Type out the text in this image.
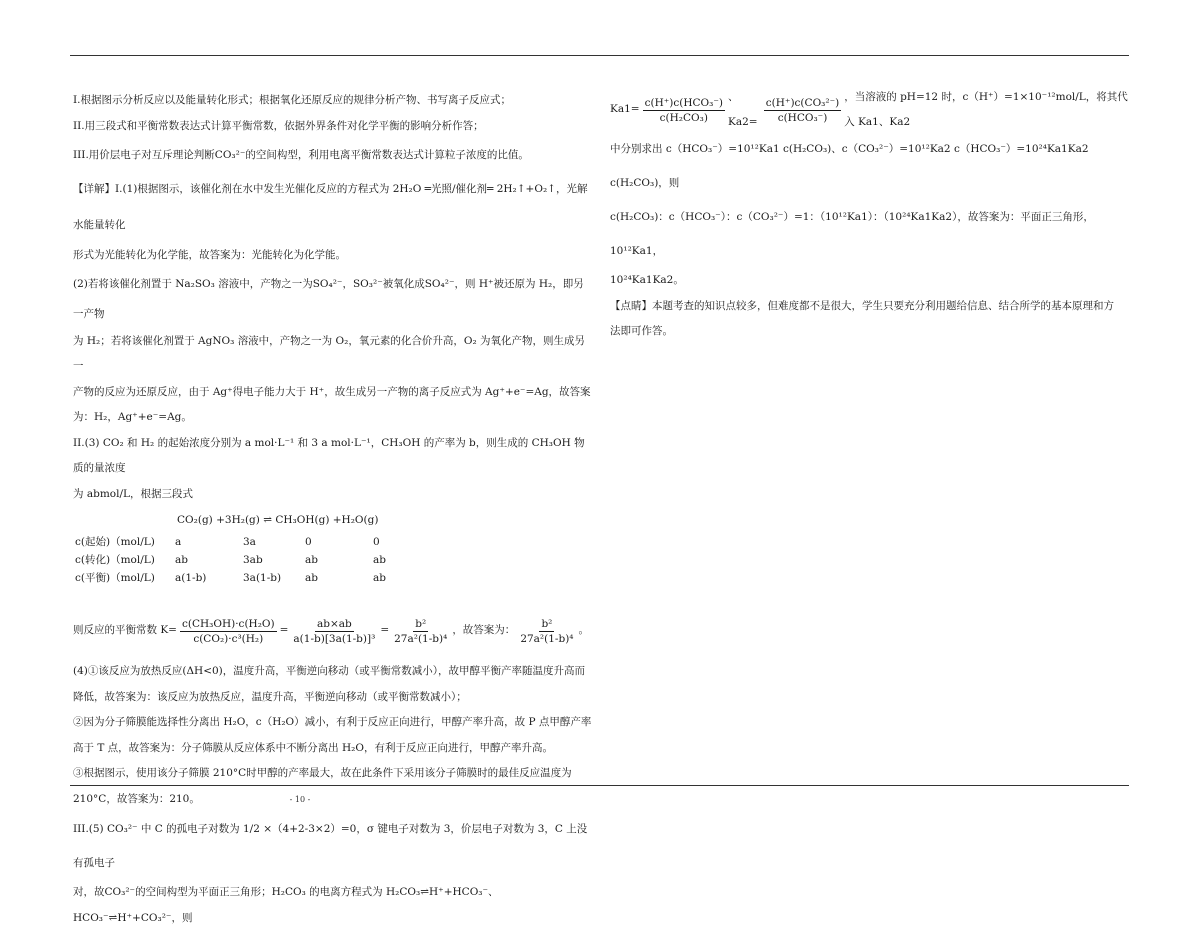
I.根据图示分析反应以及能量转化形式；根据氧化还原反应的规律分析产物、书写离子反应式；

II.用三段式和平衡常数表达式计算平衡常数，依据外界条件对化学平衡的影响分析作答；

III.用价层电子对互斥理论判断CO₃²⁻的空间构型，利用电离平衡常数表达式计算粒子浓度的比值。

【详解】I.(1)根据图示，该催化剂在水中发生光催化反应的方程式为 2H₂O ═光照/催化剂═ 2H₂↑+O₂↑，光解水能量转化

形式为光能转化为化学能，故答案为：光能转化为化学能。

(2)若将该催化剂置于 Na₂SO₃ 溶液中，产物之一为SO₄²⁻，SO₃²⁻被氧化成SO₄²⁻，则 H⁺被还原为 H₂，即另一产物

为 H₂；若将该催化剂置于 AgNO₃ 溶液中，产物之一为 O₂，氧元素的化合价升高，O₂ 为氧化产物，则生成另一

产物的反应为还原反应，由于 Ag⁺得电子能力大于 H⁺，故生成另一产物的离子反应式为 Ag⁺+e⁻=Ag，故答案

为：H₂，Ag⁺+e⁻=Ag。

II.(3) CO₂ 和 H₂ 的起始浓度分别为 a mol·L⁻¹ 和 3 a mol·L⁻¹，CH₃OH 的产率为 b，则生成的 CH₃OH 物质的量浓度

为 abmol/L，根据三段式

CO₂(g) +3H₂(g) ⇌ CH₃OH(g) +H₂O(g)
c(起始)（mol/L)	a	3a	0	0
c(转化)（mol/L)	ab	3ab	ab	ab
c(平衡)（mol/L)	a(1-b)	3a(1-b)	ab	ab
则反应的平衡常数 $K= \frac{\text{c(CH₃OH)·c(H₂O)}}{\text{c(CO₂)·c³(H₂)}} = \frac{ab\times ab}{\text{a(1-b)[3a(1-b)]³}} = \frac{\text{b²}}{\text{27a²(1-b)⁴}}$ ，故答案为： $\frac{\text{b²}}{\text{27a²(1-b)⁴}}$ 。

(4)①该反应为放热反应(ΔH<0)，温度升高，平衡逆向移动（或平衡常数减小），故甲醇平衡产率随温度升高而

降低，故答案为：该反应为放热反应，温度升高，平衡逆向移动（或平衡常数减小）；

②因为分子筛膜能选择性分离出 H₂O，c（H₂O）减小，有利于反应正向进行，甲醇产率升高，故 P 点甲醇产率

高于 T 点，故答案为：分子筛膜从反应体系中不断分离出 H₂O，有利于反应正向进行，甲醇产率升高。

③根据图示，使用该分子筛膜 210°C时甲醇的产率最大，故在此条件下采用该分子筛膜时的最佳反应温度为

210°C，故答案为：210。

III.(5) CO₃²⁻ 中 C 的孤电子对数为 1/2 ×（4+2-3×2）=0，σ 键电子对数为 3，价层电子对数为 3，C 上没有孤电子

对，故CO₃²⁻的空间构型为平面正三角形；H₂CO₃ 的电离方程式为 H₂CO₃⇌H⁺+HCO₃⁻、HCO₃⁻⇌H⁺+CO₃²⁻，则

$Ka1= \frac{\text{c(H⁺)c(HCO₃⁻)}}{\text{c(H₂CO₃)}}$ 、$Ka2= \frac{\text{c(H⁺)c(CO₃²⁻)}}{\text{c(HCO₃⁻)}}$ ，当溶液的 pH=12 时，c（H⁺）=1×10⁻¹²mol/L，将其代入 Ka1、Ka2

中分别求出 c（HCO₃⁻）=10¹²Ka1 c(H₂CO₃)、c（CO₃²⁻）=10¹²Ka2 c（HCO₃⁻）=10²⁴Ka1Ka2 c(H₂CO₃)，则

c(H₂CO₃)：c（HCO₃⁻）：c（CO₃²⁻）=1：（10¹²Ka1）：（10²⁴Ka1Ka2），故答案为：平面正三角形，10¹²Ka1，

10²⁴Ka1Ka2。

【点睛】本题考查的知识点较多，但难度都不是很大，学生只要充分利用题给信息、结合所学的基本原理和方

法即可作答。

- 10 -
